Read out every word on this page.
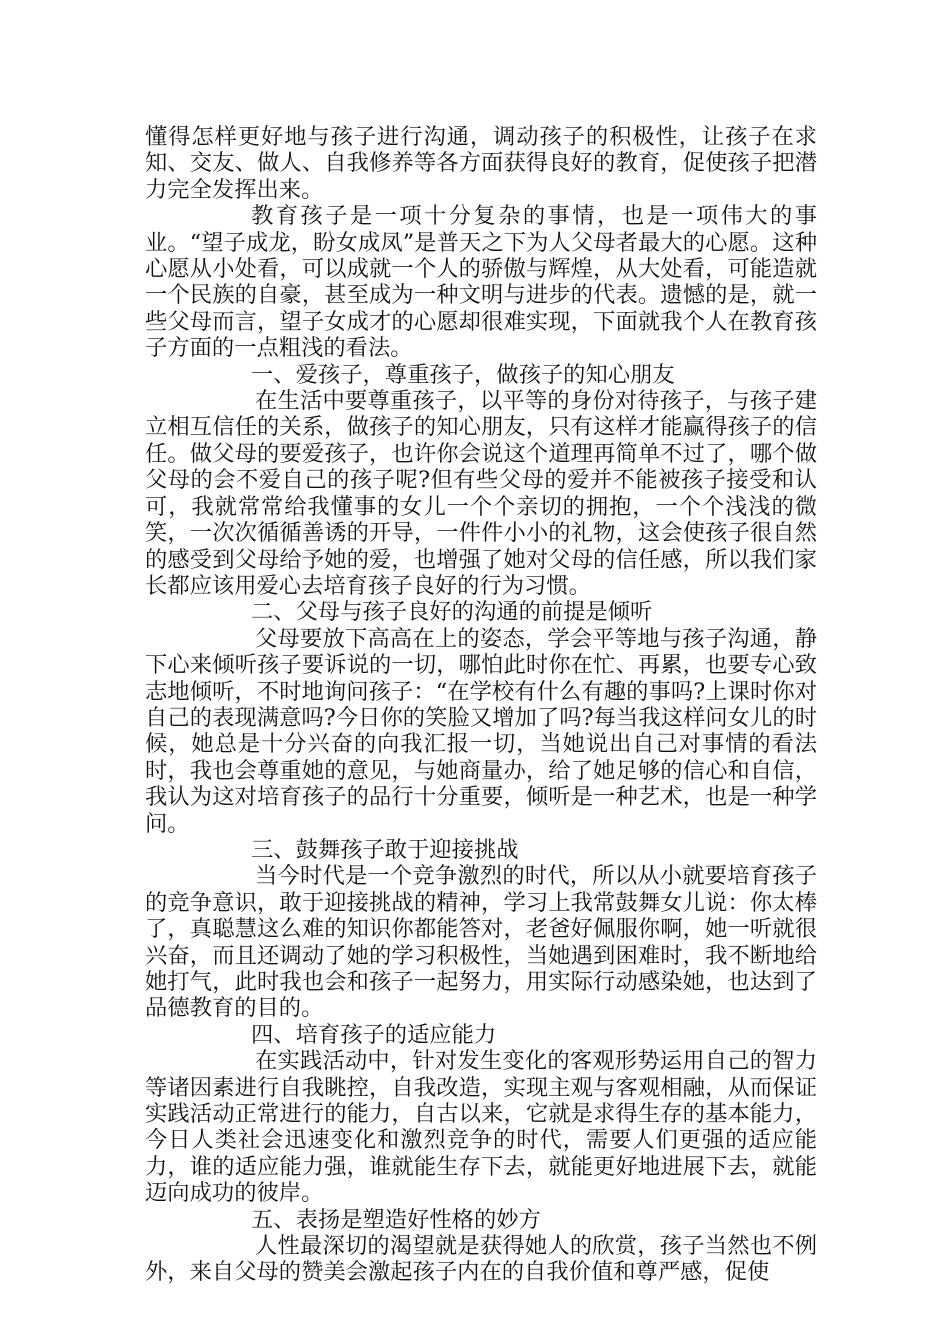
懂得怎样更好地与孩子进行沟通，调动孩子的积极性，让孩子在求知、交友、做人、自我修养等各方面获得良好的教育，促使孩子把潜力完全发挥出来。

教育孩子是一项十分复杂的事情，也是一项伟大的事业。“望子成龙，盼女成凤”是普天之下为人父母者最大的心愿。这种心愿从小处看，可以成就一个人的骄傲与辉煌，从大处看，可能造就一个民族的自豪，甚至成为一种文明与进步的代表。遗憾的是，就一些父母而言，望子女成才的心愿却很难实现，下面就我个人在教育孩子方面的一点粗浅的看法。

一、爱孩子，尊重孩子，做孩子的知心朋友

在生活中要尊重孩子，以平等的身份对待孩子，与孩子建立相互信任的关系，做孩子的知心朋友，只有这样才能赢得孩子的信任。做父母的要爱孩子，也许你会说这个道理再简单不过了，哪个做父母的会不爱自己的孩子呢?但有些父母的爱并不能被孩子接受和认可，我就常常给我懂事的女儿一个个亲切的拥抱，一个个浅浅的微笑，一次次循循善诱的开导，一件件小小的礼物，这会使孩子很自然的感受到父母给予她的爱，也增强了她对父母的信任感，所以我们家长都应该用爱心去培育孩子良好的行为习惯。

二、父母与孩子良好的沟通的前提是倾听

父母要放下高高在上的姿态，学会平等地与孩子沟通，静下心来倾听孩子要诉说的一切，哪怕此时你在忙、再累，也要专心致志地倾听，不时地询问孩子：“在学校有什么有趣的事吗?上课时你对自己的表现满意吗?今日你的笑脸又增加了吗?每当我这样问女儿的时候，她总是十分兴奋的向我汇报一切，当她说出自己对事情的看法时，我也会尊重她的意见，与她商量办，给了她足够的信心和自信，我认为这对培育孩子的品行十分重要，倾听是一种艺术，也是一种学问。

三、鼓舞孩子敢于迎接挑战

当今时代是一个竞争激烈的时代，所以从小就要培育孩子的竞争意识，敢于迎接挑战的精神，学习上我常鼓舞女儿说：你太棒了，真聪慧这么难的知识你都能答对，老爸好佩服你啊，她一听就很兴奋，而且还调动了她的学习积极性，当她遇到困难时，我不断地给她打气，此时我也会和孩子一起努力，用实际行动感染她，也达到了品德教育的目的。

四、培育孩子的适应能力

在实践活动中，针对发生变化的客观形势运用自己的智力等诸因素进行自我眺控，自我改造，实现主观与客观相融，从而保证实践活动正常进行的能力，自古以来，它就是求得生存的基本能力，今日人类社会迅速变化和激烈竞争的时代，需要人们更强的适应能力，谁的适应能力强，谁就能生存下去，就能更好地进展下去，就能迈向成功的彼岸。

五、表扬是塑造好性格的妙方

人性最深切的渴望就是获得她人的欣赏，孩子当然也不例外，来自父母的赞美会激起孩子内在的自我价值和尊严感，促使
